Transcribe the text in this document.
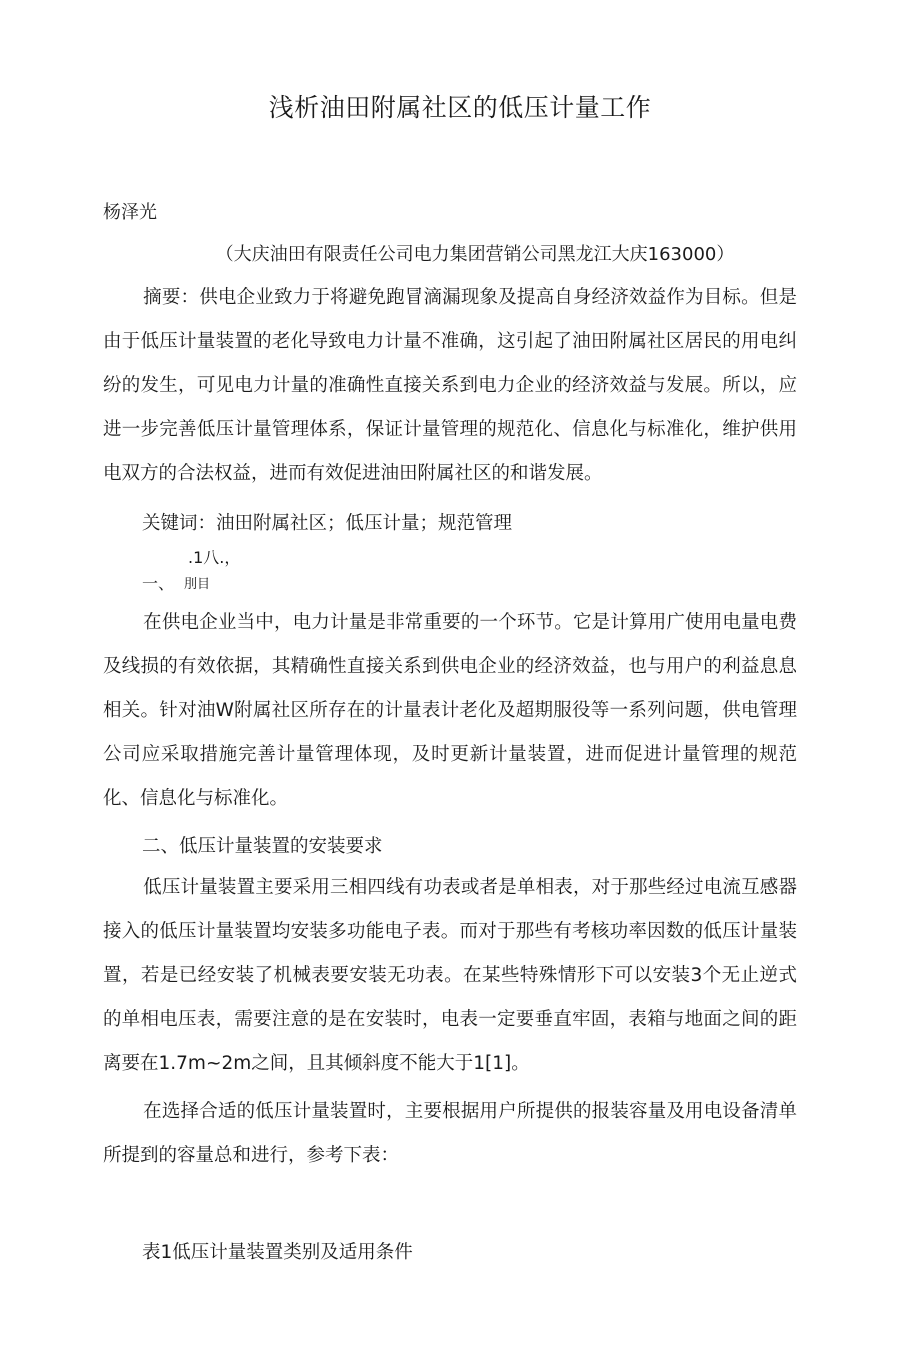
浅析油田附属社区的低压计量工作
杨泽光
（大庆油田有限责任公司电力集团营销公司黑龙江大庆163000）

摘要：供电企业致力于将避免跑冒滴漏现象及提高自身经济效益作为目标。但是由于低压计量装置的老化导致电力计量不准确，这引起了油田附属社区居民的用电纠纷的发生，可见电力计量的准确性直接关系到电力企业的经济效益与发展。所以，应进一步完善低压计量管理体系，保证计量管理的规范化、信息化与标准化，维护供用电双方的合法权益，进而有效促进油田附属社区的和谐发展。

关键词：油田附属社区；低压计量；规范管理
.1八.，
一、 刖目

在供电企业当中，电力计量是非常重要的一个环节。它是计算用广使用电量电费及线损的有效依据，其精确性直接关系到供电企业的经济效益，也与用户的利益息息相关。针对油W附属社区所存在的计量表计老化及超期服役等一系列问题，供电管理公司应采取措施完善计量管理体现，及时更新计量装置，进而促进计量管理的规范化、信息化与标准化。

二、低压计量装置的安装要求

低压计量装置主要采用三相四线有功表或者是单相表，对于那些经过电流互感器接入的低压计量装置均安装多功能电子表。而对于那些有考核功率因数的低压计量装置，若是已经安装了机械表要安装无功表。在某些特殊情形下可以安装3个无止逆式的单相电压表，需要注意的是在安装时，电表一定要垂直牢固，表箱与地面之间的距离要在1.7m~2m之间，且其倾斜度不能大于1[1]。

在选择合适的低压计量装置时，主要根据用户所提供的报装容量及用电设备清单所提到的容量总和进行，参考下表：

表1低压计量装置类别及适用条件
